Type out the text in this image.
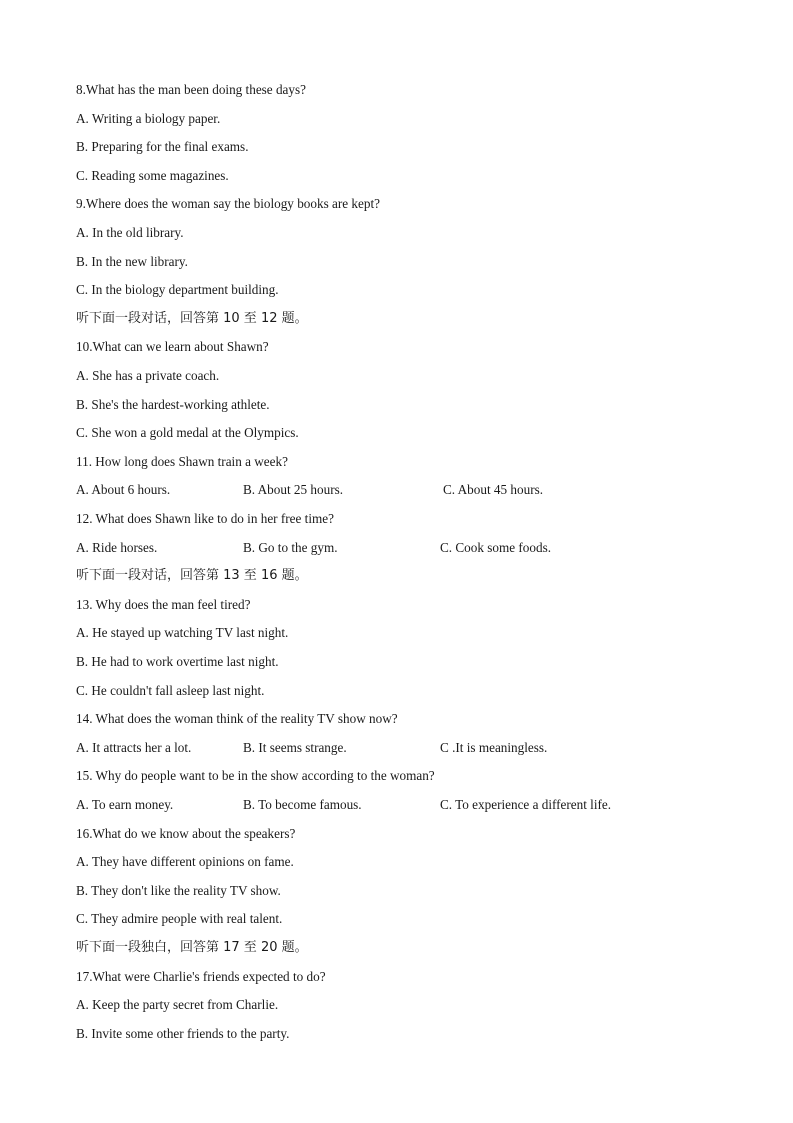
8.What has the man been doing these days?
A. Writing a biology paper.
B. Preparing for the final exams.
C. Reading some magazines.
9.Where does the woman say the biology books are kept?
A. In the old library.
B. In the new library.
C. In the biology department building.
听下面一段对话，回答第 10 至 12 题。
10.What can we learn about Shawn?
A. She has a private coach.
B. She's the hardest-working athlete.
C. She won a gold medal at the Olympics.
11. How long does Shawn train a week?
A. About 6 hours.	B. About 25 hours.	C. About 45 hours.
12. What does Shawn like to do in her free time?
A. Ride horses.	B. Go to the gym.	C. Cook some foods.
听下面一段对话，回答第 13 至 16 题。
13. Why does the man feel tired?
A. He stayed up watching TV last night.
B. He had to work overtime last night.
C. He couldn't fall asleep last night.
14. What does the woman think of the reality TV show now?
A. It attracts her a lot.	B. It seems strange.	C .It is meaningless.
15. Why do people want to be in the show according to the woman?
A. To earn money.	B. To become famous.	C. To experience a different life.
16.What do we know about the speakers?
A. They have different opinions on fame.
B. They don't like the reality TV show.
C. They admire people with real talent.
听下面一段独白，回答第 17 至 20 题。
17.What were Charlie's friends expected to do?
A. Keep the party secret from Charlie.
B. Invite some other friends to the party.
